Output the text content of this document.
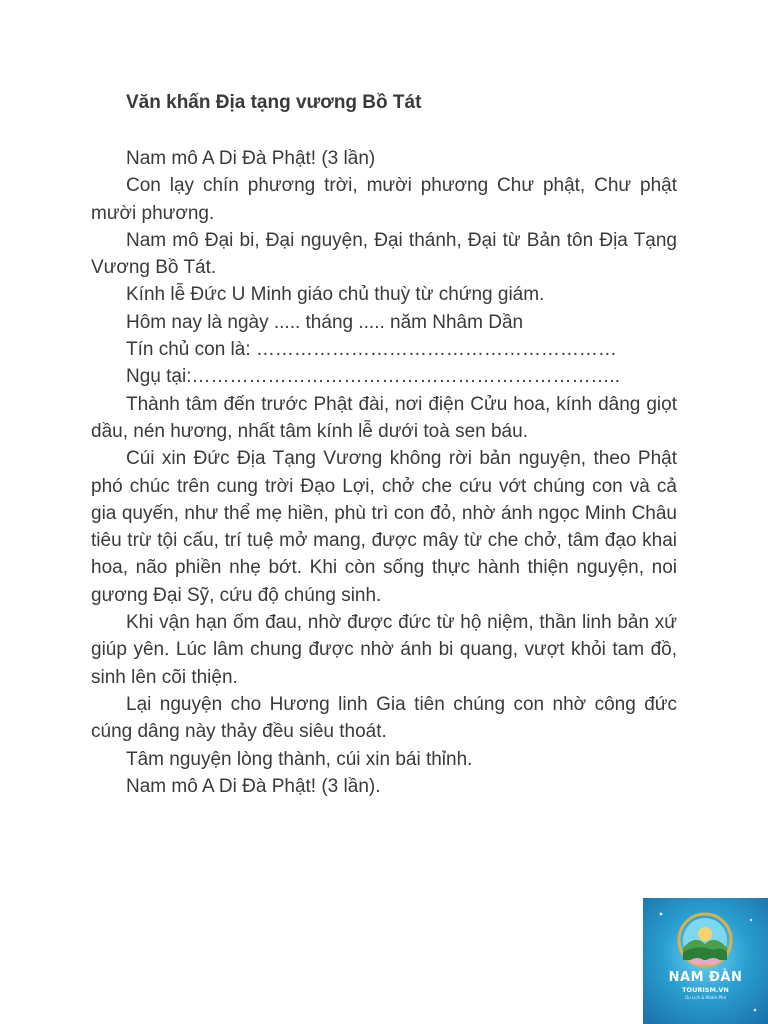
Văn khấn Địa tạng vương Bồ Tát

Nam mô A Di Đà Phật! (3 lần)

Con lạy chín phương trời, mười phương Chư phật, Chư phật mười phương.

Nam mô Đại bi, Đại nguyện, Đại thánh, Đại từ Bản tôn Địa Tạng Vương Bồ Tát.

Kính lễ Đức U Minh giáo chủ thuỳ từ chứng giám.

Hôm nay là ngày ..... tháng ..... năm Nhâm Dần

Tín chủ con là: …………………………………………………

Ngụ tại:…………………………………………………………..

Thành tâm đến trước Phật đài, nơi điện Cửu hoa, kính dâng giọt dầu, nén hương, nhất tâm kính lễ dưới toà sen báu.

Cúi xin Đức Địa Tạng Vương không rời bản nguyện, theo Phật phó chúc trên cung trời Đạo Lợi, chở che cứu vớt chúng con và cả gia quyến, như thể mẹ hiền, phù trì con đỏ, nhờ ánh ngọc Minh Châu tiêu trừ tội cấu, trí tuệ mở mang, được mây từ che chở, tâm đạo khai hoa, não phiền nhẹ bớt. Khi còn sống thực hành thiện nguyện, noi gương Đại Sỹ, cứu độ chúng sinh.

Khi vận hạn ốm đau, nhờ được đức từ hộ niệm, thần linh bản xứ giúp yên. Lúc lâm chung được nhờ ánh bi quang, vượt khỏi tam đồ, sinh lên cõi thiện.

Lại nguyện cho Hương linh Gia tiên chúng con nhờ công đức cúng dâng này thảy đều siêu thoát.

Tâm nguyện lòng thành, cúi xin bái thỉnh.

Nam mô A Di Đà Phật! (3 lần).

NAM ĐÀN
TOURISM.VN
Du Lịch & Khám Phá
